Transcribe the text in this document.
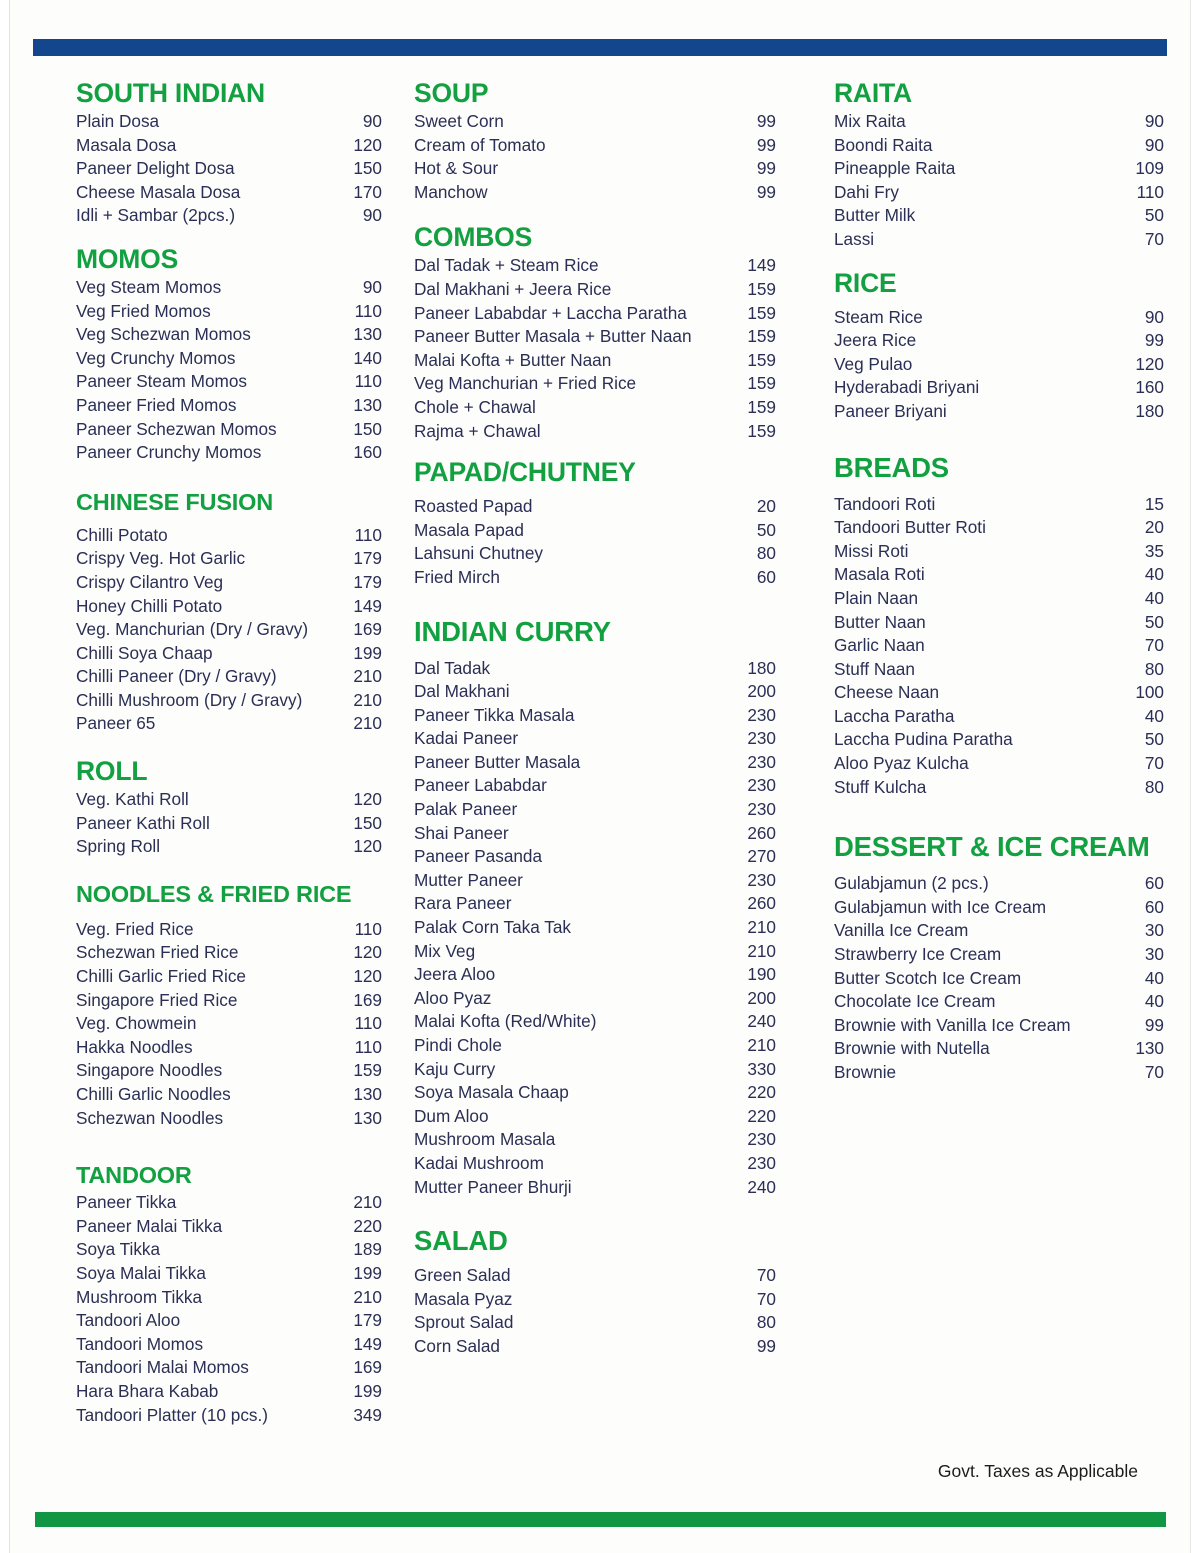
SOUTH INDIAN
Plain Dosa	90
Masala Dosa	120
Paneer Delight Dosa	150
Cheese Masala Dosa	170
Idli + Sambar (2pcs.)	90
MOMOS
Veg Steam Momos	90
Veg Fried Momos	110
Veg Schezwan Momos	130
Veg Crunchy Momos	140
Paneer Steam Momos	110
Paneer Fried Momos	130
Paneer Schezwan Momos	150
Paneer Crunchy Momos	160
CHINESE FUSION
Chilli Potato	110
Crispy Veg. Hot Garlic	179
Crispy Cilantro Veg	179
Honey Chilli Potato	149
Veg. Manchurian (Dry / Gravy)	169
Chilli Soya Chaap	199
Chilli Paneer (Dry / Gravy)	210
Chilli Mushroom (Dry / Gravy)	210
Paneer 65	210
ROLL
Veg. Kathi Roll	120
Paneer Kathi Roll	150
Spring Roll	120
NOODLES & FRIED RICE
Veg. Fried Rice	110
Schezwan Fried Rice	120
Chilli Garlic Fried Rice	120
Singapore Fried Rice	169
Veg. Chowmein	110
Hakka Noodles	110
Singapore Noodles	159
Chilli Garlic Noodles	130
Schezwan Noodles	130
TANDOOR
Paneer Tikka	210
Paneer Malai Tikka	220
Soya Tikka	189
Soya Malai Tikka	199
Mushroom Tikka	210
Tandoori Aloo	179
Tandoori Momos	149
Tandoori Malai Momos	169
Hara Bhara Kabab	199
Tandoori Platter (10 pcs.)	349
SOUP
Sweet Corn	99
Cream of Tomato	99
Hot & Sour	99
Manchow	99
COMBOS
Dal Tadak + Steam Rice	149
Dal Makhani + Jeera Rice	159
Paneer Lababdar + Laccha Paratha	159
Paneer Butter Masala + Butter Naan	159
Malai Kofta + Butter Naan	159
Veg Manchurian + Fried Rice	159
Chole + Chawal	159
Rajma + Chawal	159
PAPAD/CHUTNEY
Roasted Papad	20
Masala Papad	50
Lahsuni Chutney	80
Fried Mirch	60
INDIAN CURRY
Dal Tadak	180
Dal Makhani	200
Paneer Tikka Masala	230
Kadai Paneer	230
Paneer Butter Masala	230
Paneer Lababdar	230
Palak Paneer	230
Shai Paneer	260
Paneer Pasanda	270
Mutter Paneer	230
Rara Paneer	260
Palak Corn Taka Tak	210
Mix Veg	210
Jeera Aloo	190
Aloo Pyaz	200
Malai Kofta (Red/White)	240
Pindi Chole	210
Kaju Curry	330
Soya Masala Chaap	220
Dum Aloo	220
Mushroom Masala	230
Kadai Mushroom	230
Mutter Paneer Bhurji	240
SALAD
Green Salad	70
Masala Pyaz	70
Sprout Salad	80
Corn Salad	99
RAITA
Mix Raita	90
Boondi Raita	90
Pineapple Raita	109
Dahi Fry	110
Butter Milk	50
Lassi	70
RICE
Steam Rice	90
Jeera Rice	99
Veg Pulao	120
Hyderabadi Briyani	160
Paneer Briyani	180
BREADS
Tandoori Roti	15
Tandoori Butter Roti	20
Missi Roti	35
Masala Roti	40
Plain Naan	40
Butter Naan	50
Garlic Naan	70
Stuff Naan	80
Cheese Naan	100
Laccha Paratha	40
Laccha Pudina Paratha	50
Aloo Pyaz Kulcha	70
Stuff Kulcha	80
DESSERT & ICE CREAM
Gulabjamun (2 pcs.)	60
Gulabjamun with Ice Cream	60
Vanilla Ice Cream	30
Strawberry Ice Cream	30
Butter Scotch Ice Cream	40
Chocolate Ice Cream	40
Brownie with Vanilla Ice Cream	99
Brownie with Nutella	130
Brownie	70
Govt. Taxes as Applicable
